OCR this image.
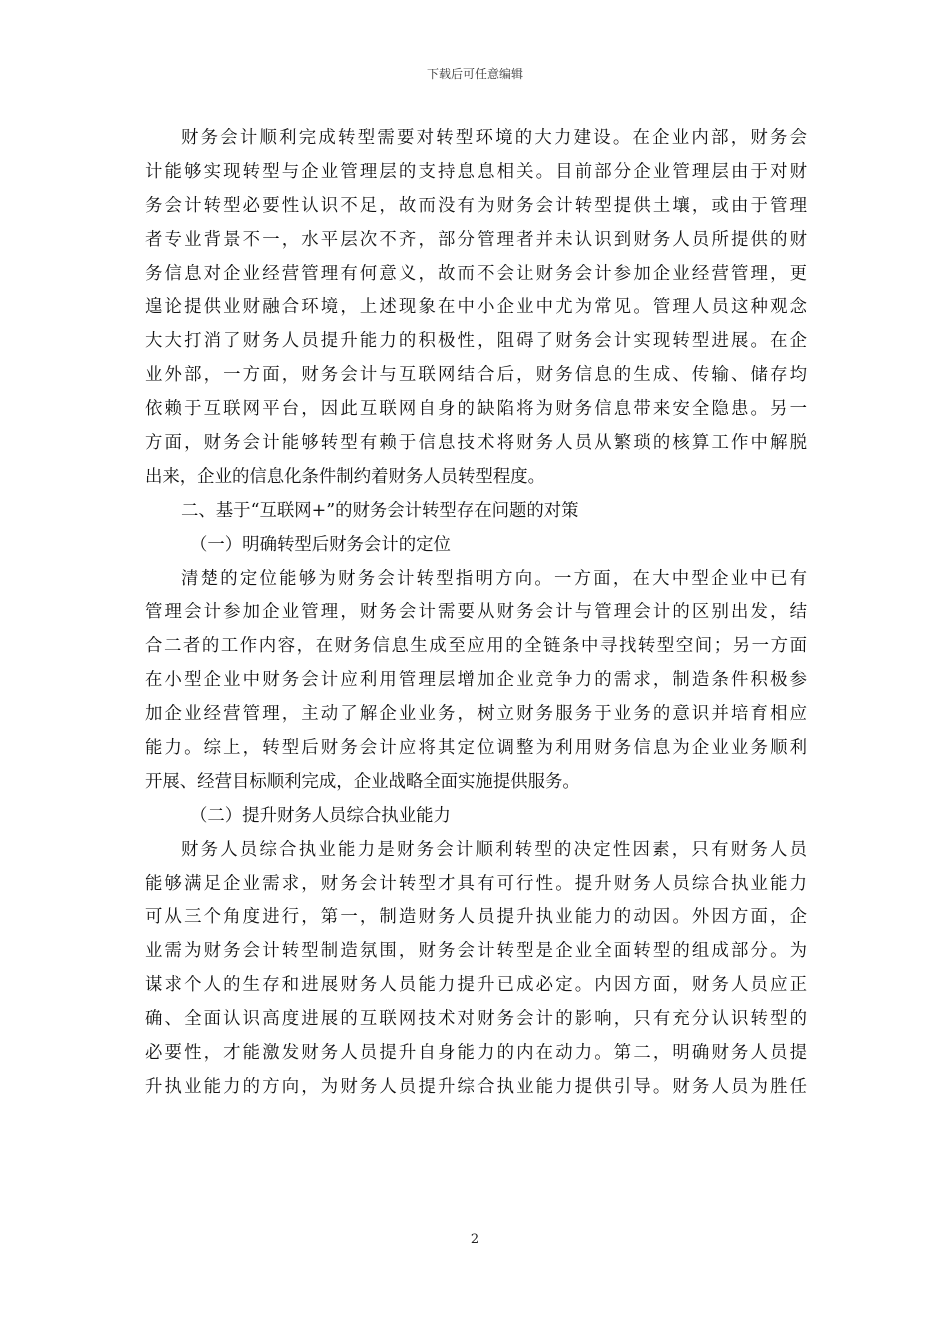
下载后可任意编辑
财务会计顺利完成转型需要对转型环境的大力建设。在企业内部，财务会
计能够实现转型与企业管理层的支持息息相关。目前部分企业管理层由于对财
务会计转型必要性认识不足，故而没有为财务会计转型提供土壤，或由于管理
者专业背景不一，水平层次不齐，部分管理者并未认识到财务人员所提供的财
务信息对企业经营管理有何意义，故而不会让财务会计参加企业经营管理，更
遑论提供业财融合环境，上述现象在中小企业中尤为常见。管理人员这种观念
大大打消了财务人员提升能力的积极性，阻碍了财务会计实现转型进展。在企
业外部，一方面，财务会计与互联网结合后，财务信息的生成、传输、储存均
依赖于互联网平台，因此互联网自身的缺陷将为财务信息带来安全隐患。另一
方面，财务会计能够转型有赖于信息技术将财务人员从繁琐的核算工作中解脱
出来，企业的信息化条件制约着财务人员转型程度。
二、基于“互联网+”的财务会计转型存在问题的对策
（一）明确转型后财务会计的定位
清楚的定位能够为财务会计转型指明方向。一方面，在大中型企业中已有
管理会计参加企业管理，财务会计需要从财务会计与管理会计的区别出发，结
合二者的工作内容，在财务信息生成至应用的全链条中寻找转型空间；另一方面
在小型企业中财务会计应利用管理层增加企业竞争力的需求，制造条件积极参
加企业经营管理，主动了解企业业务，树立财务服务于业务的意识并培育相应
能力。综上，转型后财务会计应将其定位调整为利用财务信息为企业业务顺利
开展、经营目标顺利完成，企业战略全面实施提供服务。
（二）提升财务人员综合执业能力
财务人员综合执业能力是财务会计顺利转型的决定性因素，只有财务人员
能够满足企业需求，财务会计转型才具有可行性。提升财务人员综合执业能力
可从三个角度进行，第一，制造财务人员提升执业能力的动因。外因方面，企
业需为财务会计转型制造氛围，财务会计转型是企业全面转型的组成部分。为
谋求个人的生存和进展财务人员能力提升已成必定。内因方面，财务人员应正
确、全面认识高度进展的互联网技术对财务会计的影响，只有充分认识转型的
必要性，才能激发财务人员提升自身能力的内在动力。第二，明确财务人员提
升执业能力的方向，为财务人员提升综合执业能力提供引导。财务人员为胜任
2
